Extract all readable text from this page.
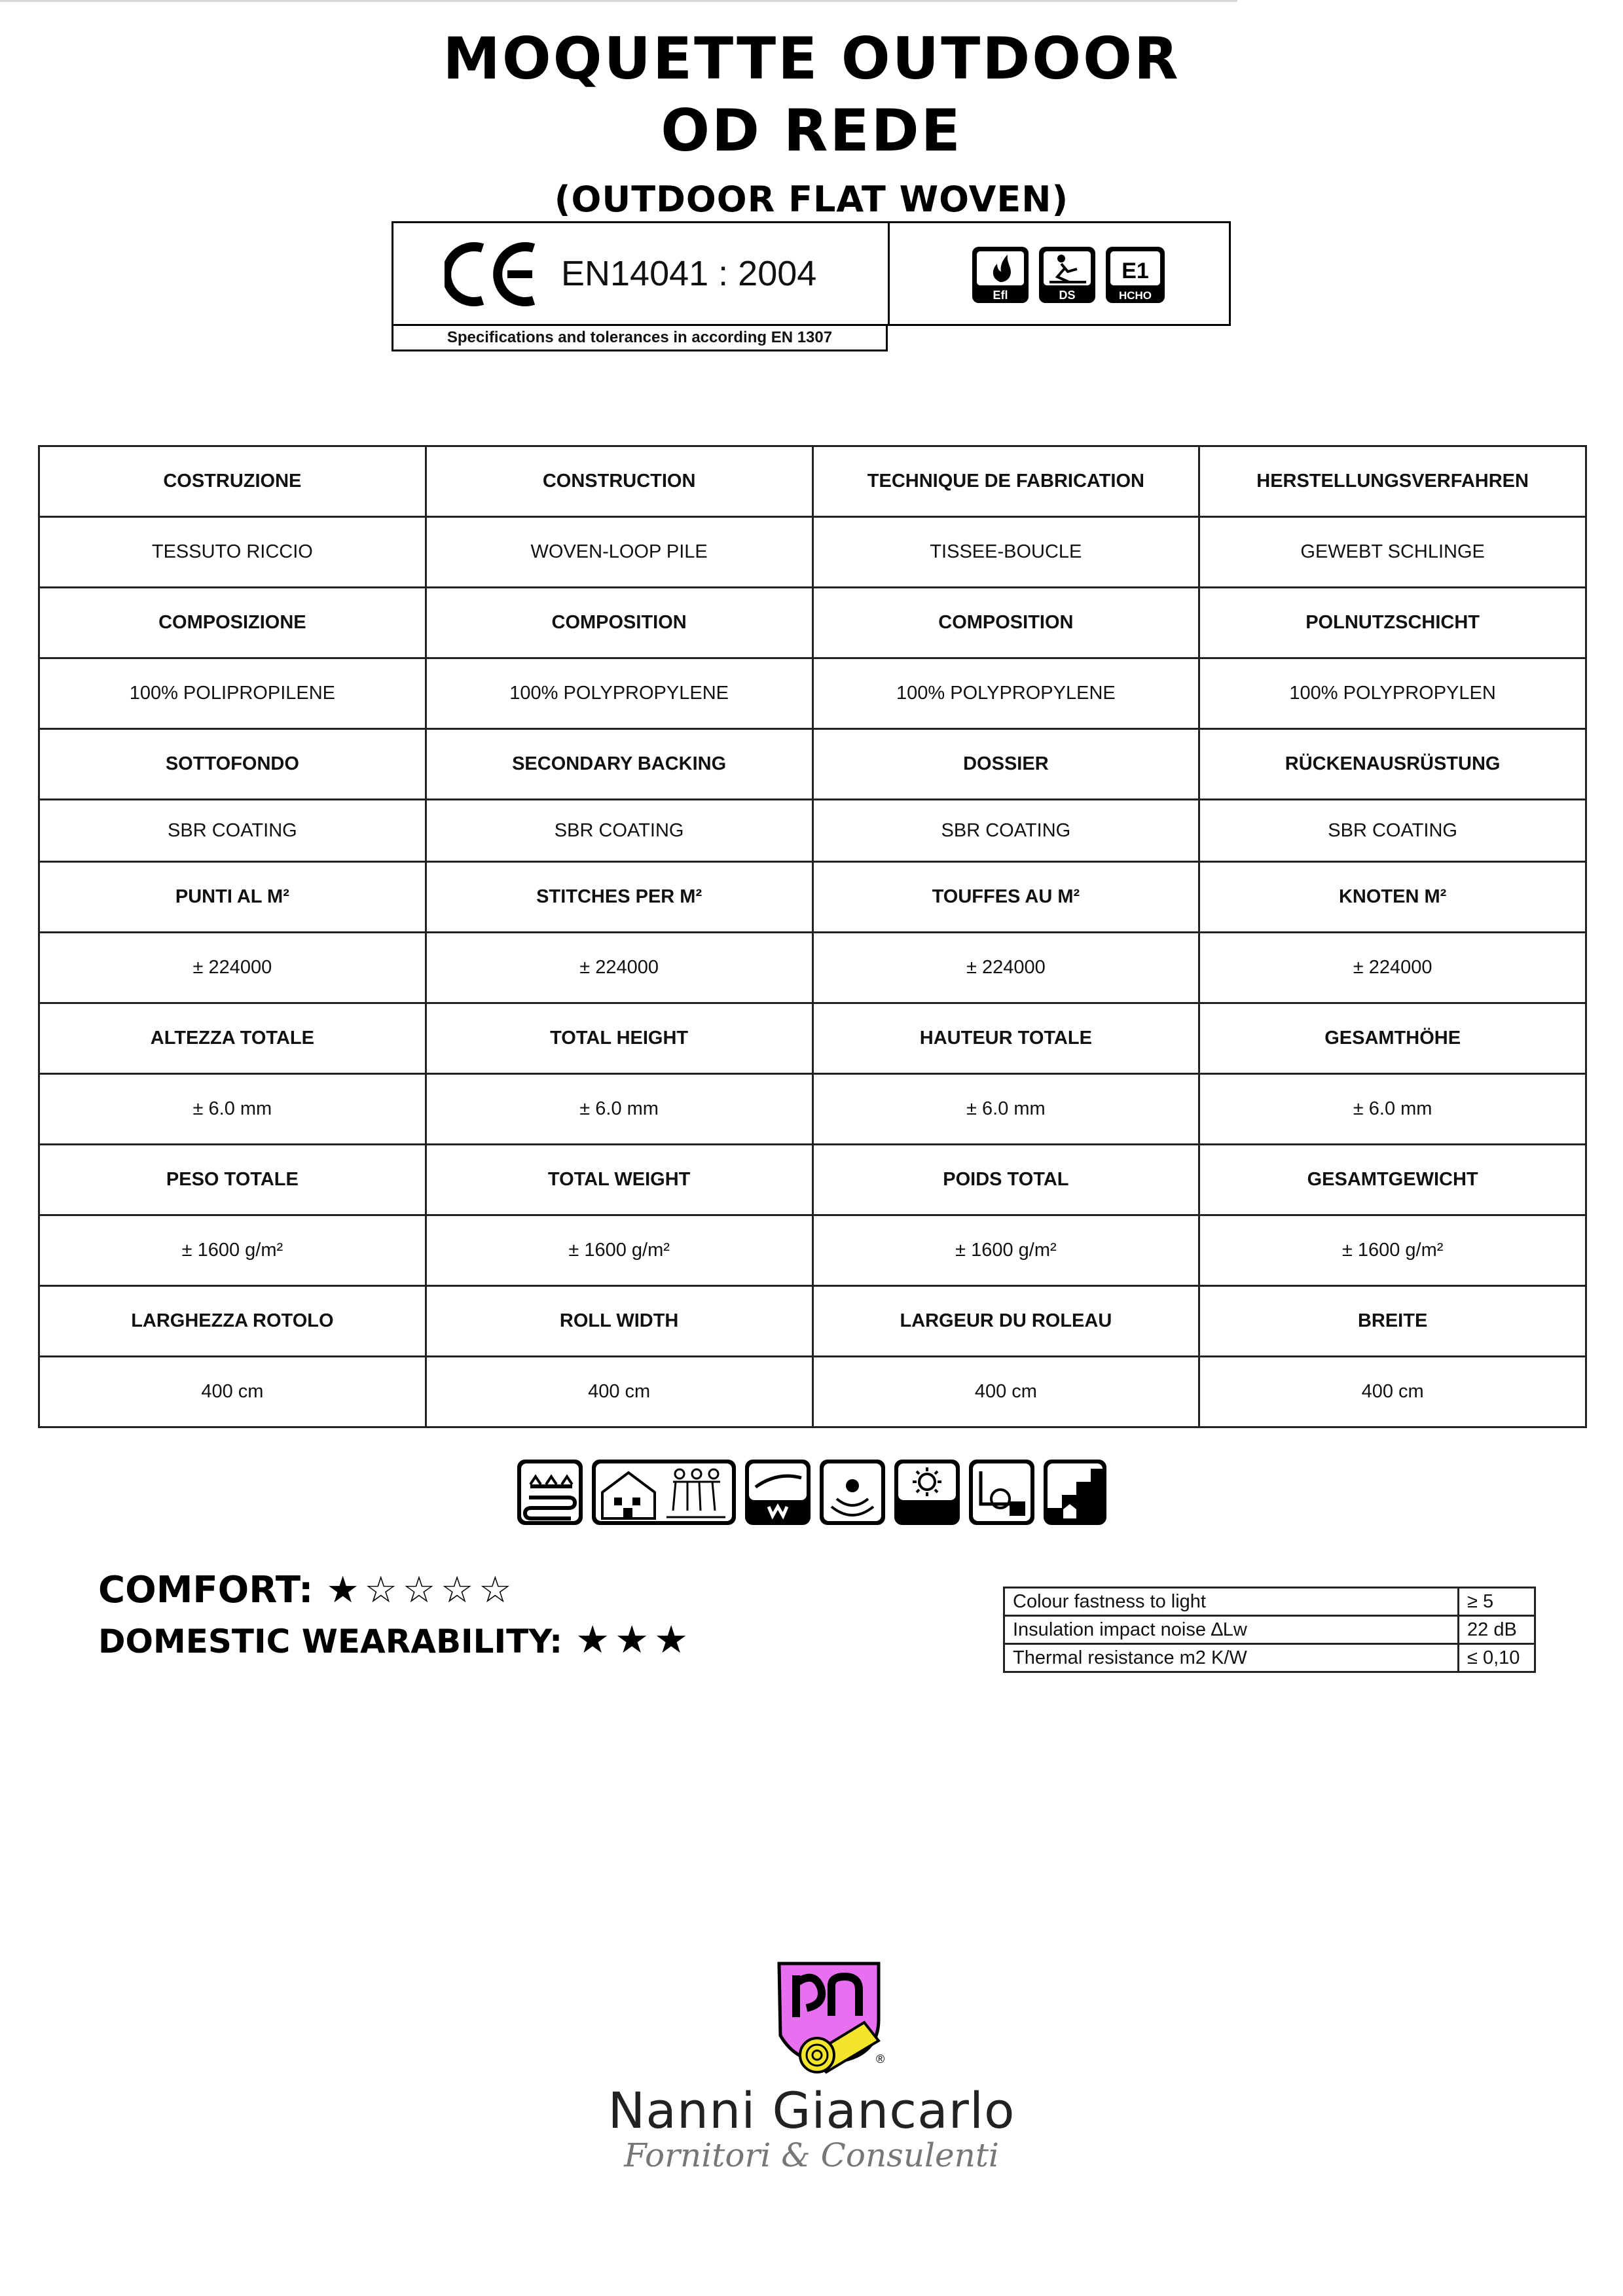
MOQUETTE OUTDOOR
OD REDE
(OUTDOOR FLAT WOVEN)
EN14041 : 2004
Efl	DS
E1
HCHO
Specifications and tolerances in according EN 1307
COSTRUZIONE	CONSTRUCTION	TECHNIQUE DE FABRICATION	HERSTELLUNGSVERFAHREN
TESSUTO RICCIO	WOVEN-LOOP PILE	TISSEE-BOUCLE	GEWEBT SCHLINGE
COMPOSIZIONE	COMPOSITION	COMPOSITION	POLNUTZSCHICHT
100% POLIPROPILENE	100% POLYPROPYLENE	100% POLYPROPYLENE	100% POLYPROPYLEN
SOTTOFONDO	SECONDARY BACKING	DOSSIER	RÜCKENAUSRÜSTUNG
SBR COATING	SBR COATING	SBR COATING	SBR COATING
PUNTI AL M²	STITCHES PER M²	TOUFFES AU M²	KNOTEN M²
± 224000	± 224000	± 224000	± 224000
ALTEZZA TOTALE	TOTAL HEIGHT	HAUTEUR TOTALE	GESAMTHÖHE
± 6.0 mm	± 6.0 mm	± 6.0 mm	± 6.0 mm
PESO TOTALE	TOTAL WEIGHT	POIDS TOTAL	GESAMTGEWICHT
± 1600 g/m²	± 1600 g/m²	± 1600 g/m²	± 1600 g/m²
LARGHEZZA ROTOLO	ROLL WIDTH	LARGEUR DU ROLEAU	BREITE
400 cm	400 cm	400 cm	400 cm
COMFORT: ★☆☆☆☆
DOMESTIC WEARABILITY: ★★★
Colour fastness to light	≥ 5
Insulation impact noise ∆Lw	22 dB
Thermal resistance m2 K/W	≤ 0,10
®
Nanni Giancarlo
Fornitori & Consulenti
